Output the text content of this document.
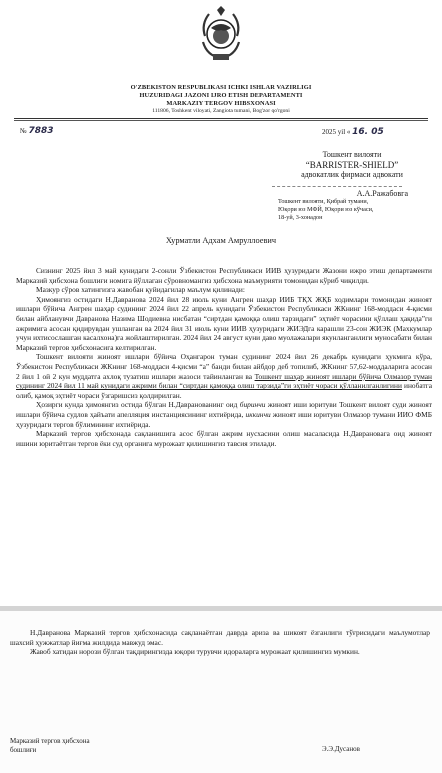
O'ZBEKISTON RESPUBLIKASI ICHKI ISHLAR VAZIRLIGI
HUZURIDAGI JAZONI IJRO ETISH DEPARTAMENTI
MARKAZIY TERGOV HIBSXONASI
111806, Toshkent viloyati, Zangiota tumani, Bog'zor qo'rgoni
№ 7883	2025 yil « 16. 05
Тошкент вилояти
“BARRISTER-SHIELD”
адвокатлик фирмаси адвокати
А.А.Ражабовга
Тошкент вилояти, Қибрай тумани,
Юқори юз МФЙ, Юқори юз кўчаси,
18-уй, 3-хонадон
Хурматли Адхам Амруллоевич

Сизнинг 2025 йил 3 май кунидаги 2-сонли Ўзбекистон Республикаси ИИВ ҳузуридаги Жазони ижро этиш департаменти Марказий ҳибсхона бошлиғи номига йўллаган сўровномангиз ҳибсхона маъмурияти томонидан кўриб чиқилди.

Мазкур сўров хатингизга жавобан қуйидагилар маълум қилинади:

Ҳимоянгиз остидаги Н.Даврaнова 2024 йил 28 июль куни Ангрен шаҳар ИИБ ТҚХ ЖҚБ ходимлари томонидан жиноят ишлари бўйича Ангрен шаҳар судининг 2024 йил 22 апрель кунидаги Ўзбекистон Республикаси ЖКнинг 168-моддаси 4-қисми билан айбланувчи Давранова Назима Шодиевна нисбатан “сиртдан қамоққа олиш тарзидаги” эҳтиёт чорасини қўллаш ҳақида”ги ажримига асосан қидирувдан ушланган ва 2024 йил 31 июль куни ИИВ ҳузуридаги ЖИЭДга карашли 23-сон ЖИЭК (Махкумлар учун ихтисослашган касалхона)га жойлаштирилган. 2024 йил 24 август куни даво муолажалари якунланганлиги муносабати билан Марказий тергов ҳибсхонасига келтирилган.

Тошкент вилояти жиноят ишлари бўйича Оҳангарон туман судининг 2024 йил 26 декабрь кунидаги ҳукмига кўра, Ўзбекистон Республикаси ЖКнинг 168-моддаси 4-қисми “а” банди билан айбдор деб топилиб, ЖКнинг 57,62-моддаларига асосан 2 йил 1 ой 2 кун муддатга ахлоқ тузатиш ишлари жазоси тайинланган ва Тошкент шаҳар жиноят ишлари бўйича Олмазор туман судининг 2024 йил 11 май кунидаги ажрими билан “сиртдан қамоққа олиш тарзида”ги эҳтиёт чораси қўлланилганлигини инобатга олиб, қамоқ эҳтиёт чораси ўзгаришсиз қолдирилган.

Ҳозирги кунда ҳимоянгиз остида бўлган Н.Давранованинг оид биринчи жиноят иши юритуви Тошкент вилоят суди жиноят ишлари бўйича судлов ҳайъати апелляция инстанциясининг ихтиёрида, иккинчи жиноят иши юритуви Олмазор тумани ИИО ФМБ ҳузуридаги тергов бўлимининг ихтиёрида.

Марказий тергов ҳибсхонада сақланишига асос бўлган ажрим нусхасини олиш масаласида Н.Даврановага оид жиноят ишини юритаётган тергов ёки суд органига мурожаат қилишингиз тавсия этилади.

Н.Давранова Марказий тергов ҳибсхонасида сақланаётган даврда ариза ва шикоят ёзганлиги тўғрисидаги маълумотлар шахсий ҳужжатлар йиғма жилдида мавжуд эмас.

Жавоб хатидан норози бўлган тақдирингизда юқори турувчи идораларга мурожаат қилишингиз мумкин.

Марказий тергов ҳибсхона
бошлиғи	Э.Э.Дусанов
